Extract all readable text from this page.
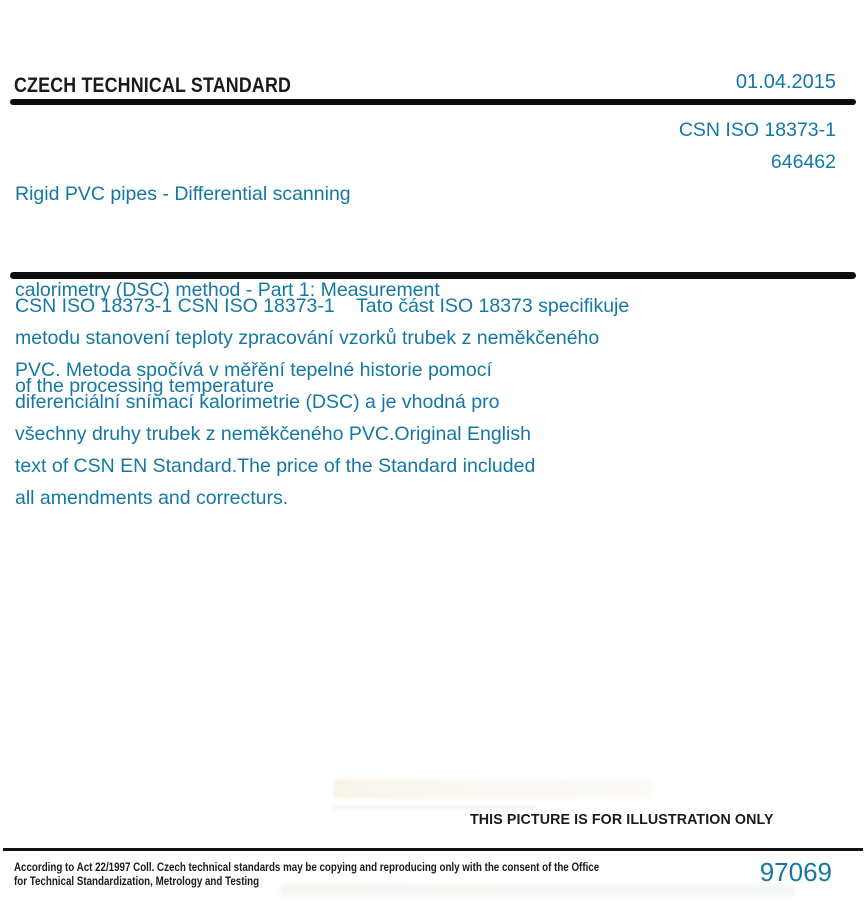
CZECH TECHNICAL STANDARD	01.04.2015

Rigid PVC pipes - Differential scanning

calorimetry (DSC) method - Part 1: Measurement

of the processing temperature

CSN ISO 18373-1
646462
CSN ISO 18373-1 CSN ISO 18373-1    Tato část ISO 18373 specifikuje
metodu stanovení teploty zpracování vzorků trubek z neměkčeného
PVC. Metoda spočívá v měřění tepelné historie pomocí
diferenciální snímací kalorimetrie (DSC) a je vhodná pro
všechny druhy trubek z neměkčeného PVC.Original English
text of CSN EN Standard.The price of the Standard included
all amendments and correcturs.
THIS PICTURE IS FOR ILLUSTRATION ONLY
According to Act 22/1997 Coll. Czech technical standards may be copying and reproducing only with the consent of the Office
for Technical Standardization, Metrology and Testing	97069
